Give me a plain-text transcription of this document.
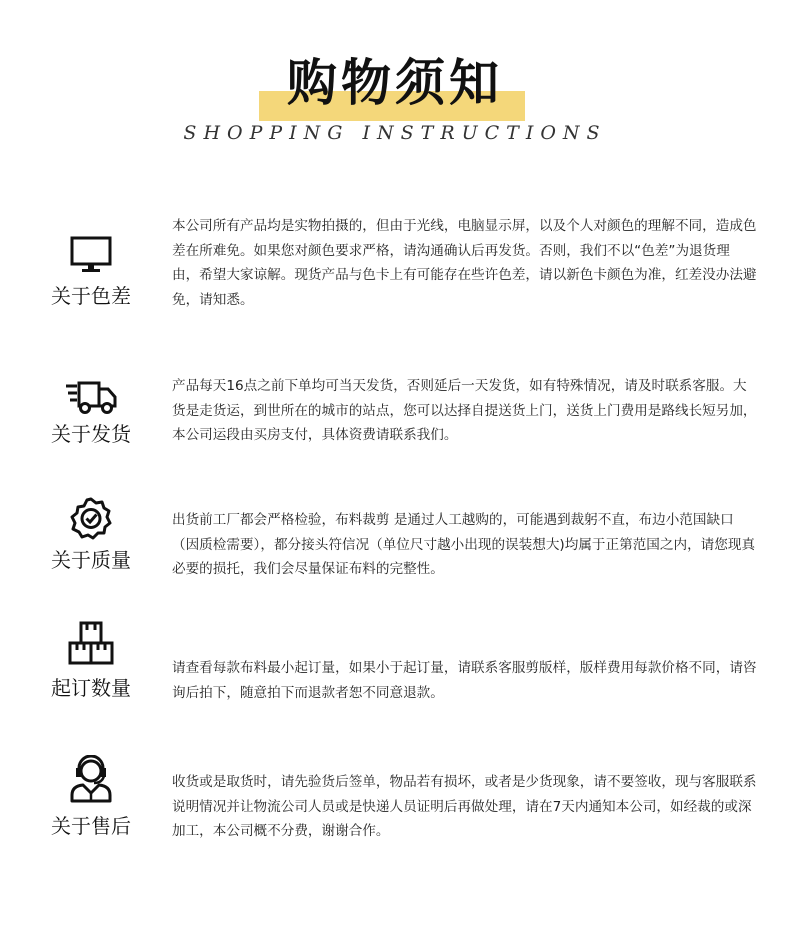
购物须知
SHOPPING INSTRUCTIONS
关于色差
本公司所有产品均是实物拍摄的，但由于光线，电脑显示屏，以及个人对颜色的理解不同，造成色差在所难免。如果您对颜色要求严格，请沟通确认后再发货。否则，我们不以“色差”为退货理由，希望大家谅解。现货产品与色卡上有可能存在些许色差，请以新色卡颜色为准，红差没办法避免，请知悉。
关于发货
产品每天16点之前下单均可当天发货，否则延后一天发货，如有特殊情况，请及时联系客服。大货是走货运，到世所在的城市的站点，您可以达择自提送货上门，送货上门费用是路线长短另加，本公司运段由买房支付，具体资费请联系我们。
关于质量
出货前工厂都会严格检验，布料裁剪 是通过人工越购的，可能遇到裁躬不直，布边小范国缺口（因质检需要），都分接头符信况（单位尺寸越小出现的误装想大)均属于正第范国之内，请您现真必要的损托，我们会尽量保证布料的完整性。
起订数量
请查看每款布料最小起订量，如果小于起订量，请联系客服剪版样，版样费用每款价格不同，请咨询后拍下，随意拍下而退款者恕不同意退款。
关于售后
收货或是取货时，请先验货后签单，物品若有损坏，或者是少货现象，请不要签收，现与客服联系说明情况并让物流公司人员或是快递人员证明后再做处理，请在7天内通知本公司，如经裁的或深加工，本公司概不分费，谢谢合作。
